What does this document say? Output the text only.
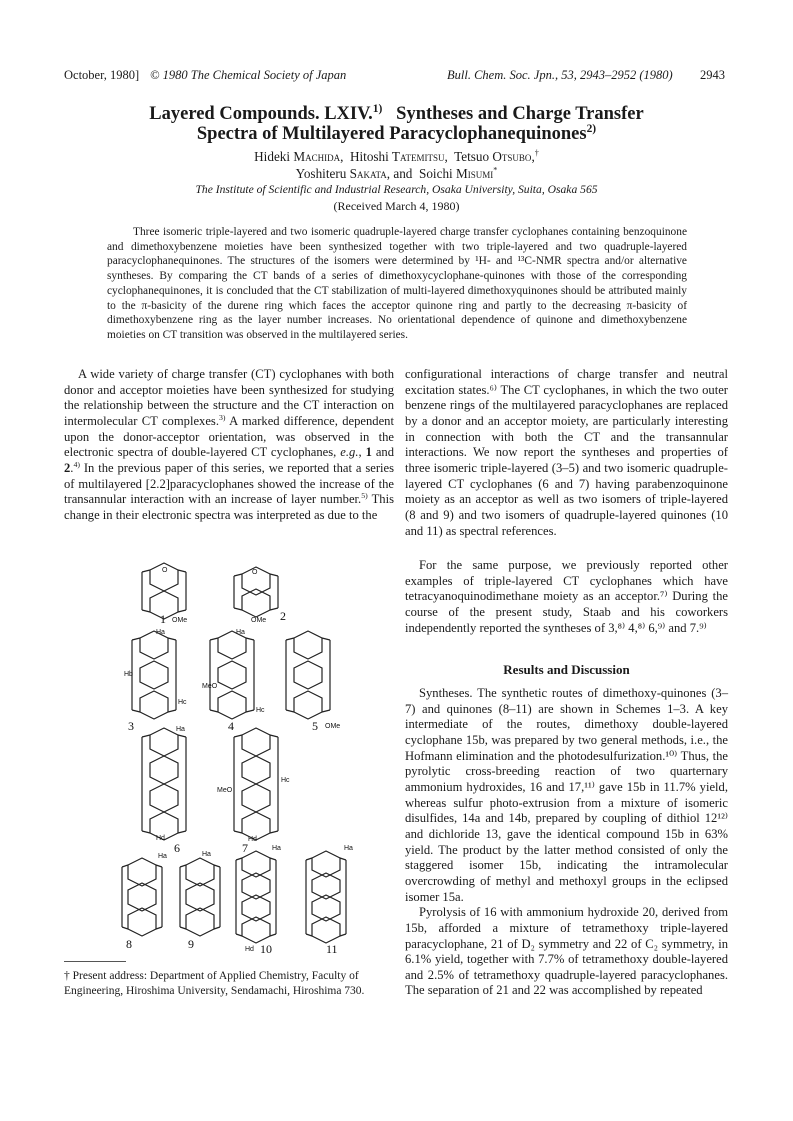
October, 1980] © 1980 The Chemical Society of Japan	Bull. Chem. Soc. Jpn., 53, 2943–2952 (1980) 2943
Layered Compounds. LXIV.$^{1)}$ Syntheses and Charge Transfer
Spectra of Multilayered Paracyclophanequinones$^{2)}$
Hideki Machida, Hitoshi Tatemitsu, Tetsuo Otsubo,†
Yoshiteru Sakata, and Soichi Misumi*
The Institute of Scientific and Industrial Research, Osaka University, Suita, Osaka 565
(Received March 4, 1980)

Three isomeric triple-layered and two isomeric quadruple-layered charge transfer cyclophanes containing benzoquinone and dimethoxybenzene moieties have been synthesized together with two triple-layered and two quadruple-layered paracyclophanequinones. The structures of the isomers were determined by ¹H- and ¹³C-NMR spectra and/or alternative syntheses. By comparing the CT bands of a series of dimethoxycyclophane-quinones with those of the corresponding cyclophanequinones, it is concluded that the CT stabilization of multi-layered dimethoxyquinones should be attributed mainly to the π-basicity of the durene ring which faces the acceptor quinone ring and partly to the decreasing π-basicity of dimethoxybenzene ring as the layer number increases. No orientational dependence of quinone and dimethoxybenzene moieties on CT transition was observed in the multilayered series.

A wide variety of charge transfer (CT) cyclophanes with both donor and acceptor moieties have been synthesized for studying the relationship between the structure and the CT interaction on intermolecular CT complexes.$^{3)}$ A marked difference, dependent upon the donor-acceptor orientation, was observed in the electronic spectra of double-layered CT cyclophanes, e.g., 1 and 2.$^{4)}$ In the previous paper of this series, we reported that a series of multilayered [2.2]paracyclophanes showed the increase of the transannular interaction with an increase of layer number.$^{5)}$ This change in their electronic spectra was interpreted as due to the

1	2
3	4	5
6	7
8	9	10	11
OMe	OMe
MeO
OMe
MeO
O	O
Ha
Hb
Hc
Ha
Hc
Ha
Hd
Hc
Hd
Ha	Ha
Ha	Ha
Hd

configurational interactions of charge transfer and neutral excitation states.⁶⁾ The CT cyclophanes, in which the two outer benzene rings of the multilayered paracyclophanes are replaced by a donor and an acceptor moiety, are particularly interesting in connection with both the CT and the transannular interactions. We now report the syntheses and properties of three isomeric triple-layered (3–5) and two isomeric quadruple-layered CT cyclophanes (6 and 7) having parabenzoquinone moiety as an acceptor as well as two isomers of triple-layered (8 and 9) and two isomers of quadruple-layered quinones (10 and 11) as spectral references.

For the same purpose, we previously reported other examples of triple-layered CT cyclophanes which have tetracyanoquinodimethane moiety as an acceptor.⁷⁾ During the course of the present study, Staab and his coworkers independently reported the syntheses of 3,⁸⁾ 4,⁸⁾ 6,⁹⁾ and 7.⁹⁾

Results and Discussion

Syntheses. The synthetic routes of dimethoxy-quinones (3–7) and quinones (8–11) are shown in Schemes 1–3. A key intermediate of the routes, dimethoxy double-layered cyclophane 15b, was prepared by two general methods, i.e., the Hofmann elimination and the photodesulfurization.¹⁰⁾ Thus, the pyrolytic cross-breeding reaction of two quarternary ammonium hydroxides, 16 and 17,¹¹⁾ gave 15b in 11.7% yield, whereas sulfur photo-extrusion from a mixture of isomeric disulfides, 14a and 14b, prepared by coupling of dithiol 12¹²⁾ and dichloride 13, gave the identical compound 15b in 63% yield. The product by the latter method consisted of only the staggered isomer 15b, indicating the intramolecular overcrowding of methyl and methoxyl groups in the eclipsed isomer 15a.

Pyrolysis of 16 with ammonium hydroxide 20, derived from 15b, afforded a mixture of tetramethoxy triple-layered paracyclophane, 21 of D₂ symmetry and 22 of C₂ symmetry, in 6.1% yield, together with 7.7% of tetramethoxy double-layered and 2.5% of tetramethoxy quadruple-layered paracyclophanes. The separation of 21 and 22 was accomplished by repeated

† Present address: Department of Applied Chemistry, Faculty of Engineering, Hiroshima University, Sendamachi, Hiroshima 730.
